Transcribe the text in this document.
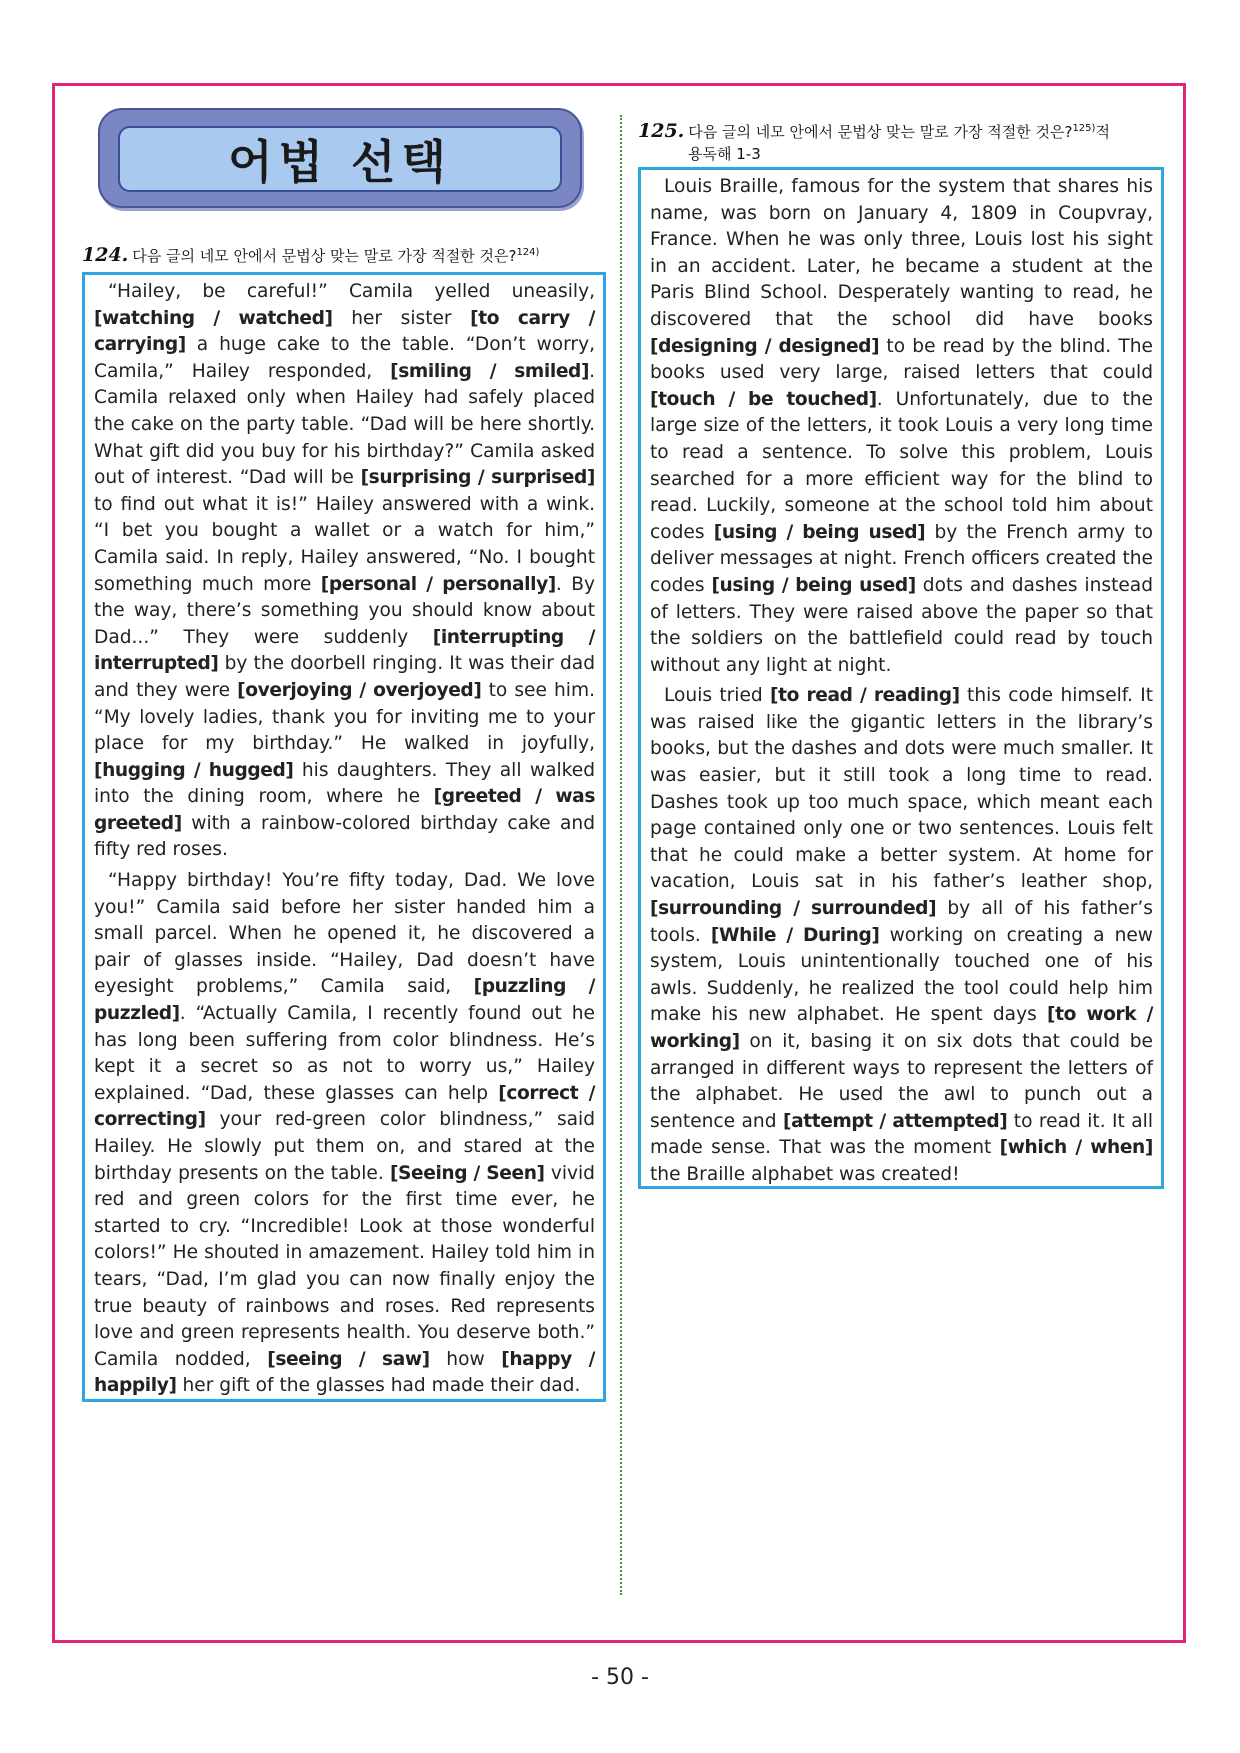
어법 선택
124. 다음 글의 네모 안에서 문법상 맞는 말로 가장 적절한 것은?$^{124)}$

“Hailey, be careful!” Camila yelled uneasily, [watching / watched] her sister [to carry / carrying] a huge cake to the table. “Don’t worry, Camila,” Hailey responded, [smiling / smiled]. Camila relaxed only when Hailey had safely placed the cake on the party table. “Dad will be here shortly. What gift did you buy for his birthday?” Camila asked out of interest. “Dad will be [surprising / surprised] to find out what it is!” Hailey answered with a wink. “I bet you bought a wallet or a watch for him,” Camila said. In reply, Hailey answered, “No. I bought something much more [personal / personally]. By the way, there’s something you should know about Dad...” They were suddenly [interrupting / interrupted] by the doorbell ringing. It was their dad and they were [overjoying / overjoyed] to see him. “My lovely ladies, thank you for inviting me to your place for my birthday.” He walked in joyfully, [hugging / hugged] his daughters. They all walked into the dining room, where he [greeted / was greeted] with a rainbow-colored birthday cake and fifty red roses.

“Happy birthday! You’re fifty today, Dad. We love you!” Camila said before her sister handed him a small parcel. When he opened it, he discovered a pair of glasses inside. “Hailey, Dad doesn’t have eyesight problems,” Camila said, [puzzling / puzzled]. “Actually Camila, I recently found out he has long been suffering from color blindness. He’s kept it a secret so as not to worry us,” Hailey explained. “Dad, these glasses can help [correct / correcting] your red-green color blindness,” said Hailey. He slowly put them on, and stared at the birthday presents on the table. [Seeing / Seen] vivid red and green colors for the first time ever, he started to cry. “Incredible! Look at those wonderful colors!” He shouted in amazement. Hailey told him in tears, “Dad, I’m glad you can now finally enjoy the true beauty of rainbows and roses. Red represents love and green represents health. You deserve both.” Camila nodded, [seeing / saw] how [happy / happily] her gift of the glasses had made their dad.

125. 다음 글의 네모 안에서 문법상 맞는 말로 가장 적절한 것은?$^{125)}$적
용독해 1-3

Louis Braille, famous for the system that shares his name, was born on January 4, 1809 in Coupvray, France. When he was only three, Louis lost his sight in an accident. Later, he became a student at the Paris Blind School. Desperately wanting to read, he discovered that the school did have books [designing / designed] to be read by the blind. The books used very large, raised letters that could [touch / be touched]. Unfortunately, due to the large size of the letters, it took Louis a very long time to read a sentence. To solve this problem, Louis searched for a more efficient way for the blind to read. Luckily, someone at the school told him about codes [using / being used] by the French army to deliver messages at night. French officers created the codes [using / being used] dots and dashes instead of letters. They were raised above the paper so that the soldiers on the battlefield could read by touch without any light at night.

Louis tried [to read / reading] this code himself. It was raised like the gigantic letters in the library’s books, but the dashes and dots were much smaller. It was easier, but it still took a long time to read. Dashes took up too much space, which meant each page contained only one or two sentences. Louis felt that he could make a better system. At home for vacation, Louis sat in his father’s leather shop, [surrounding / surrounded] by all of his father’s tools. [While / During] working on creating a new system, Louis unintentionally touched one of his awls. Suddenly, he realized the tool could help him make his new alphabet. He spent days [to work / working] on it, basing it on six dots that could be arranged in different ways to represent the letters of the alphabet. He used the awl to punch out a sentence and [attempt / attempted] to read it. It all made sense. That was the moment [which / when] the Braille alphabet was created!

- 50 -
